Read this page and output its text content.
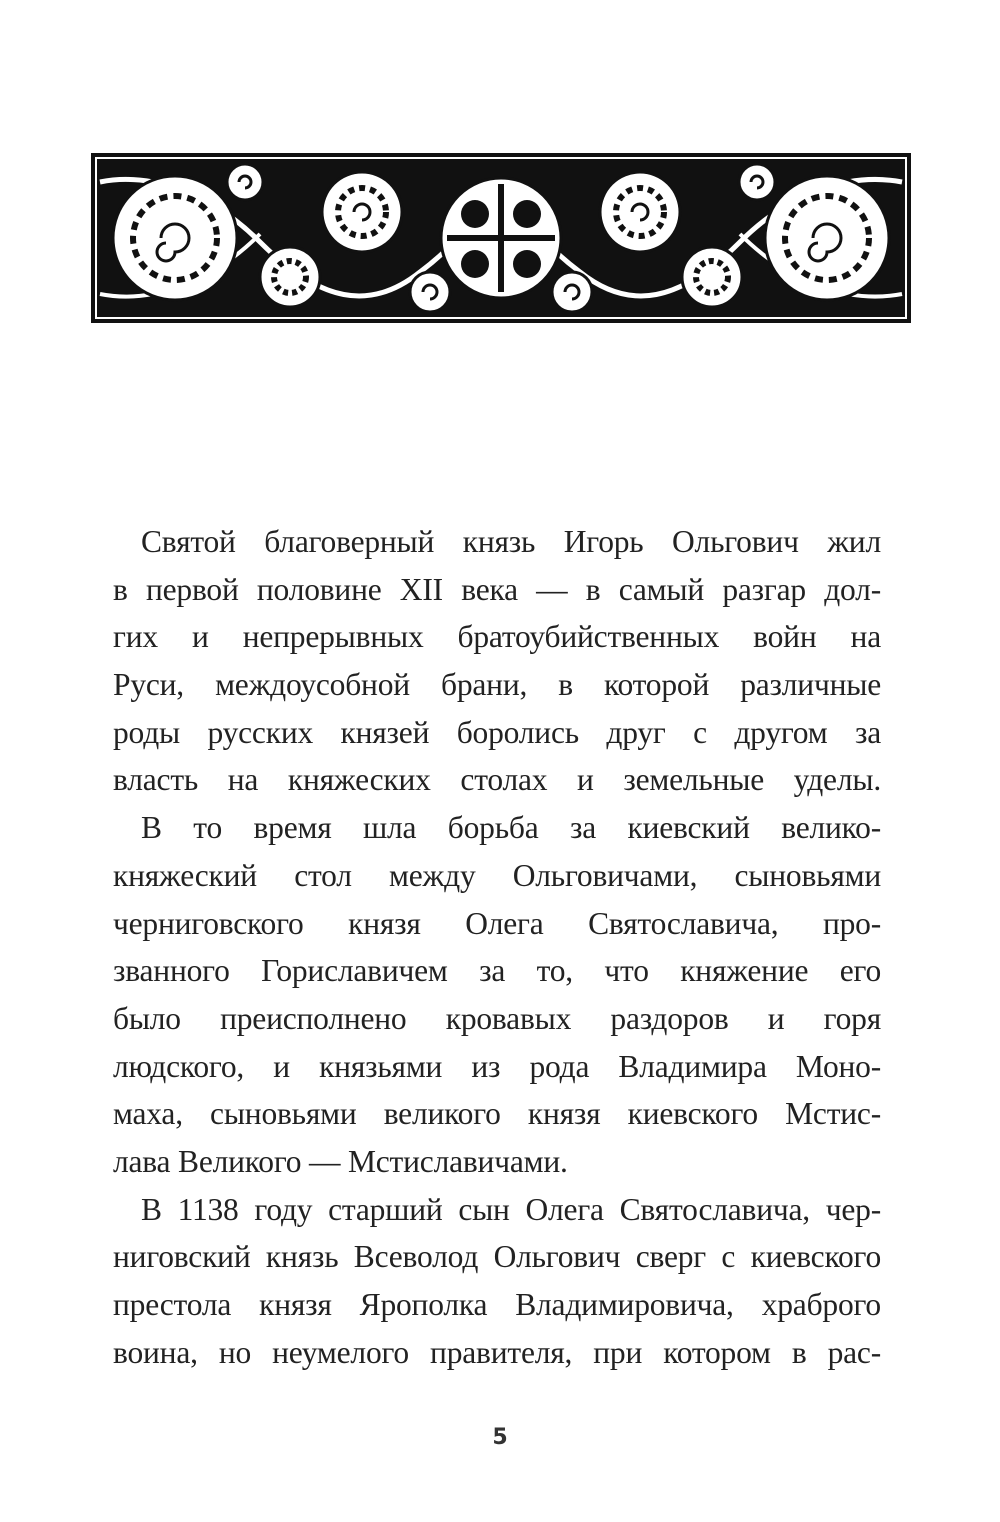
Святой благоверный князь Игорь Ольгович жил
в первой половине XII века — в самый разгар дол-
гих и непрерывных братоубийственных войн на
Руси, междоусобной брани, в которой различные
роды русских князей боролись друг с другом за
власть на княжеских столах и земельные уделы.
В то время шла борьба за киевский велико-
княжеский стол между Ольговичами, сыновьями
черниговского князя Олега Святославича, про-
званного Гориславичем за то, что княжение его
было преисполнено кровавых раздоров и горя
людского, и князьями из рода Владимира Моно-
маха, сыновьями великого князя киевского Мстис-
лава Великого — Мстиславичами.
В 1138 году старший сын Олега Святославича, чер-
ниговский князь Всеволод Ольгович сверг с киевского
престола князя Ярополка Владимировича, храброго
воина, но неумелого правителя, при котором в рас-
5
